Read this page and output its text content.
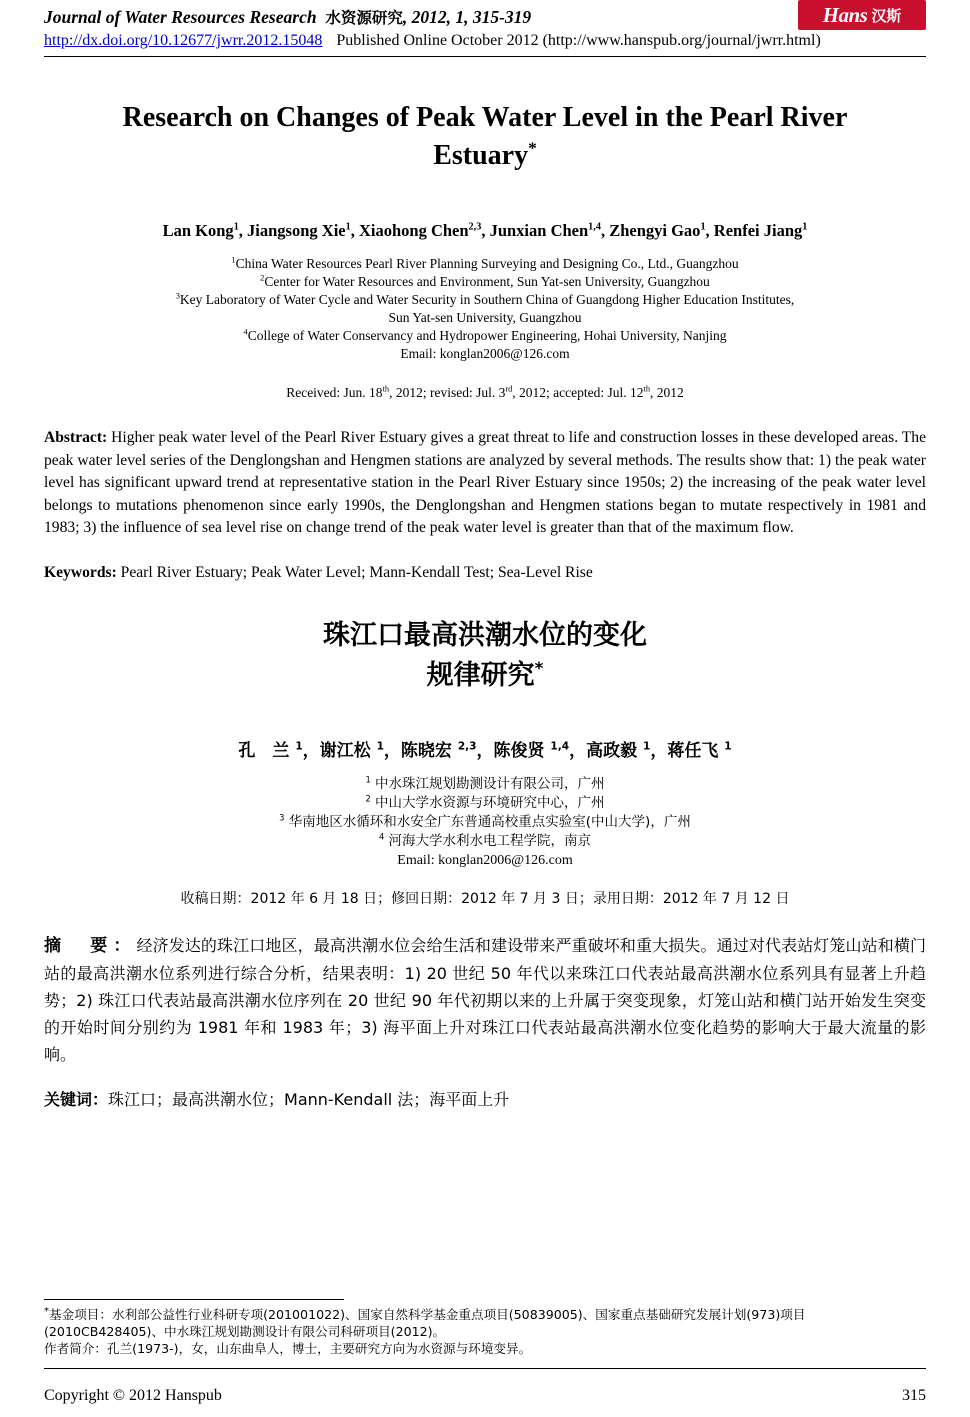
Journal of Water Resources Research 水资源研究, 2012, 1, 315-319
http://dx.doi.org/10.12677/jwrr.2012.15048 Published Online October 2012 (http://www.hanspub.org/journal/jwrr.html)
Hans 汉斯
Research on Changes of Peak Water Level in the Pearl River Estuary*
Lan Kong$^1$, Jiangsong Xie$^1$, Xiaohong Chen$^{2,3}$, Junxian Chen$^{1,4}$, Zhengyi Gao$^1$, Renfei Jiang$^1$
$^1$China Water Resources Pearl River Planning Surveying and Designing Co., Ltd., Guangzhou
$^2$Center for Water Resources and Environment, Sun Yat-sen University, Guangzhou
$^3$Key Laboratory of Water Cycle and Water Security in Southern China of Guangdong Higher Education Institutes,
Sun Yat-sen University, Guangzhou
$^4$College of Water Conservancy and Hydropower Engineering, Hohai University, Nanjing
Email: konglan2006@126.com
Received: Jun. 18th, 2012; revised: Jul. 3rd, 2012; accepted: Jul. 12th, 2012
Abstract: Higher peak water level of the Pearl River Estuary gives a great threat to life and construction losses in these developed areas. The peak water level series of the Denglongshan and Hengmen stations are analyzed by several methods. The results show that: 1) the peak water level has significant upward trend at representative station in the Pearl River Estuary since 1950s; 2) the increasing of the peak water level belongs to mutations phenomenon since early 1990s, the Denglongshan and Hengmen stations began to mutate respectively in 1981 and 1983; 3) the influence of sea level rise on change trend of the peak water level is greater than that of the maximum flow.
Keywords: Pearl River Estuary; Peak Water Level; Mann-Kendall Test; Sea-Level Rise
珠江口最高洪潮水位的变化
规律研究*
孔　兰 $^1$，谢江松 $^1$，陈晓宏 $^{2,3}$，陈俊贤 $^{1,4}$，高政毅 $^1$，蒋任飞 $^1$
$^1$ 中水珠江规划勘测设计有限公司，广州
$^2$ 中山大学水资源与环境研究中心，广州
$^3$ 华南地区水循环和水安全广东普通高校重点实验室(中山大学)，广州
$^4$ 河海大学水利水电工程学院，南京
Email: konglan2006@126.com
收稿日期：2012 年 6 月 18 日；修回日期：2012 年 7 月 3 日；录用日期：2012 年 7 月 12 日
摘　要：经济发达的珠江口地区，最高洪潮水位会给生活和建设带来严重破坏和重大损失。通过对代表站灯笼山站和横门站的最高洪潮水位系列进行综合分析，结果表明：1) 20 世纪 50 年代以来珠江口代表站最高洪潮水位系列具有显著上升趋势；2) 珠江口代表站最高洪潮水位序列在 20 世纪 90 年代初期以来的上升属于突变现象，灯笼山站和横门站开始发生突变的开始时间分别约为 1981 年和 1983 年；3) 海平面上升对珠江口代表站最高洪潮水位变化趋势的影响大于最大流量的影响。
关键词：珠江口；最高洪潮水位；Mann-Kendall 法；海平面上升
*基金项目：水利部公益性行业科研专项(201001022)、国家自然科学基金重点项目(50839005)、国家重点基础研究发展计划(973)项目
(2010CB428405)、中水珠江规划勘测设计有限公司科研项目(2012)。
作者简介：孔兰(1973-)，女，山东曲阜人，博士，主要研究方向为水资源与环境变异。
Copyright © 2012 Hanspub	315
